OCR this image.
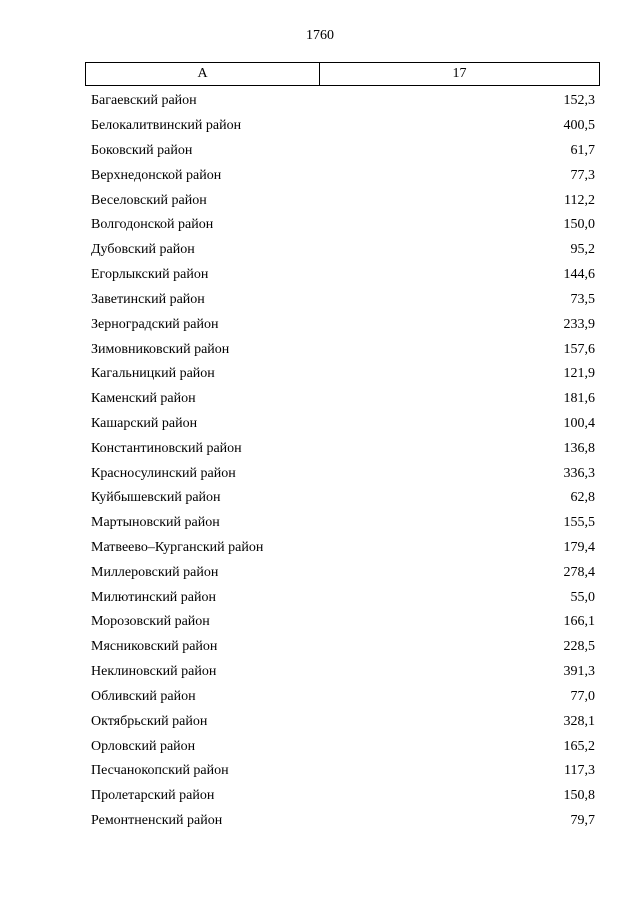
1760
А	17
Багаевский район	152,3
Белокалитвинский район	400,5
Боковский район	61,7
Верхнедонской район	77,3
Веселовский район	112,2
Волгодонской район	150,0
Дубовский район	95,2
Егорлыкский район	144,6
Заветинский район	73,5
Зерноградский район	233,9
Зимовниковский район	157,6
Кагальницкий район	121,9
Каменский район	181,6
Кашарский район	100,4
Константиновский район	136,8
Красносулинский район	336,3
Куйбышевский район	62,8
Мартыновский район	155,5
Матвеево–Курганский район	179,4
Миллеровский район	278,4
Милютинский район	55,0
Морозовский район	166,1
Мясниковский район	228,5
Неклиновский район	391,3
Обливский район	77,0
Октябрьский район	328,1
Орловский район	165,2
Песчанокопский район	117,3
Пролетарский район	150,8
Ремонтненский район	79,7
